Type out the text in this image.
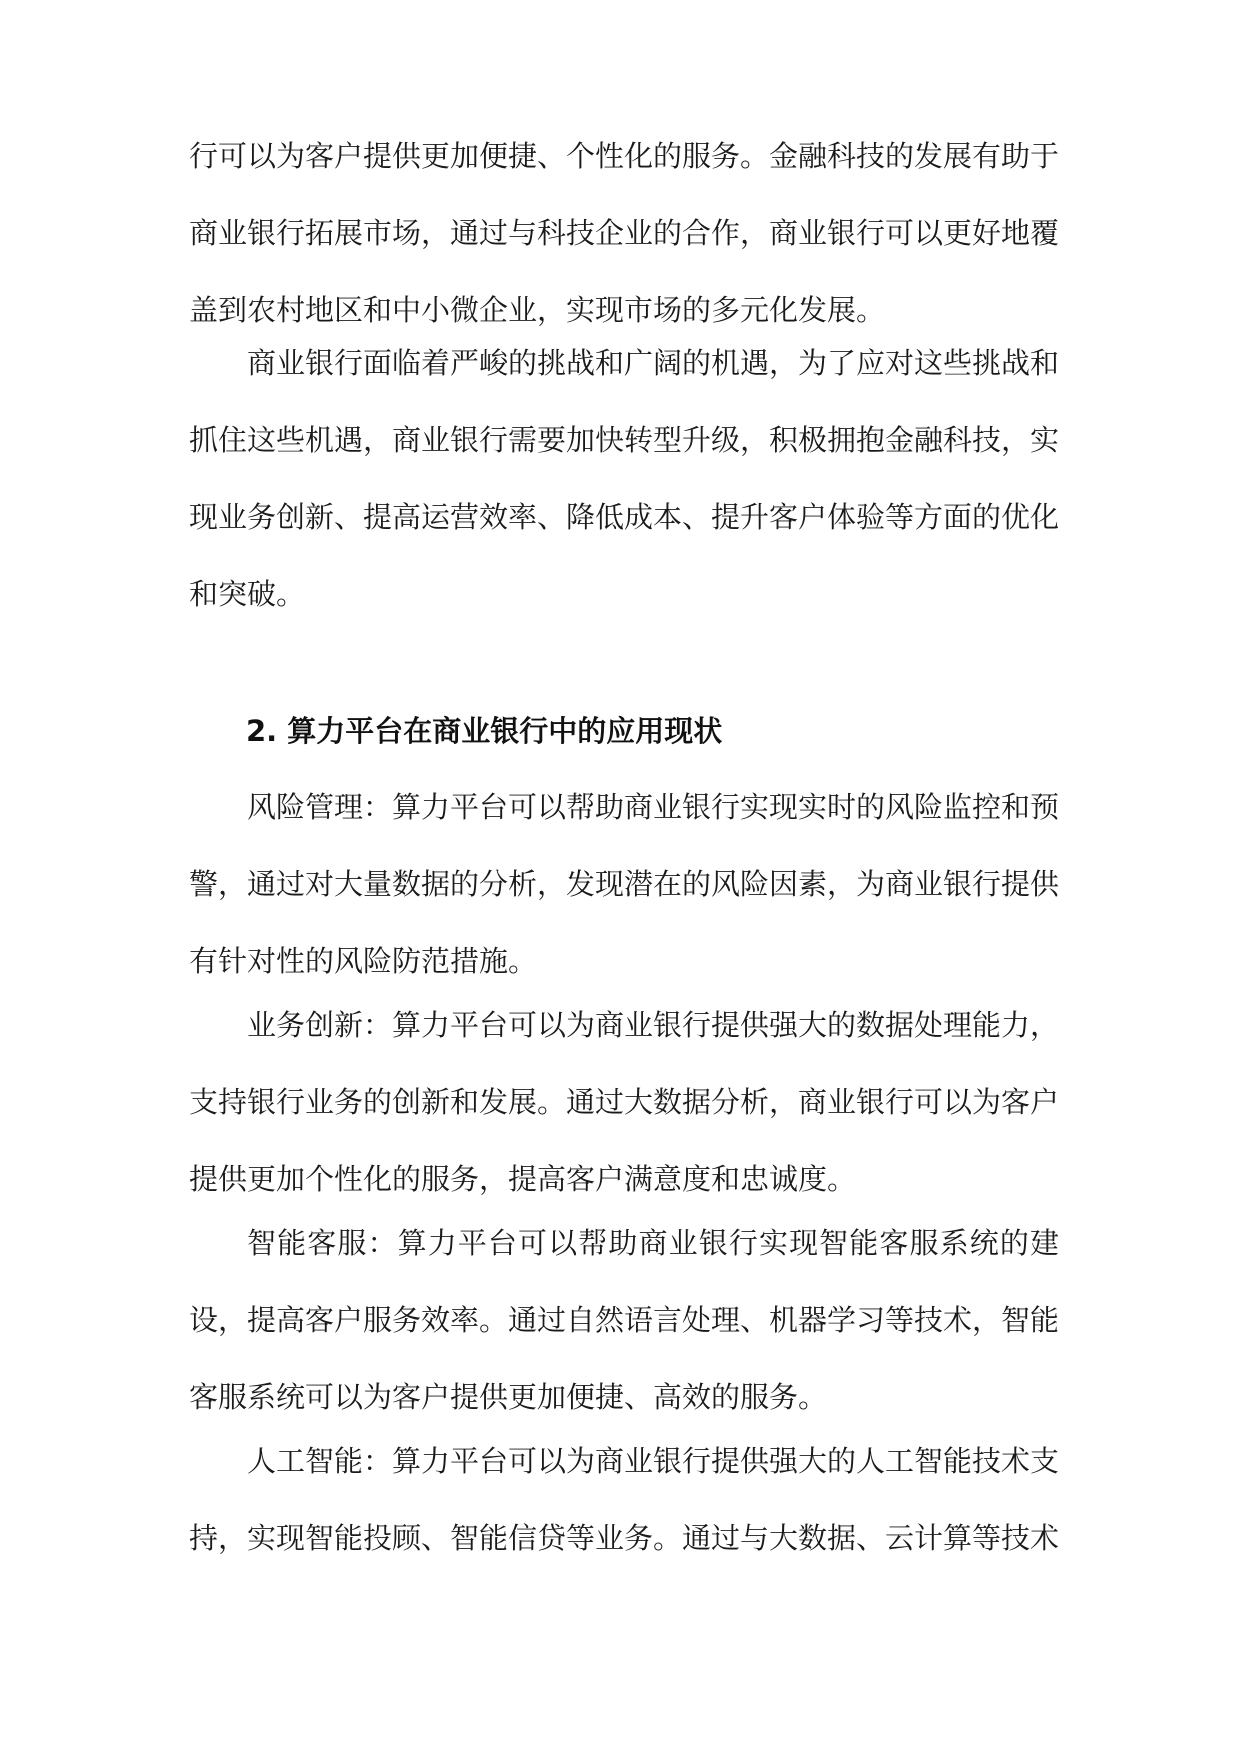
行可以为客户提供更加便捷、个性化的服务。金融科技的发展有助于商业银行拓展市场，通过与科技企业的合作，商业银行可以更好地覆盖到农村地区和中小微企业，实现市场的多元化发展。

商业银行面临着严峻的挑战和广阔的机遇，为了应对这些挑战和抓住这些机遇，商业银行需要加快转型升级，积极拥抱金融科技，实现业务创新、提高运营效率、降低成本、提升客户体验等方面的优化和突破。

2. 算力平台在商业银行中的应用现状

风险管理：算力平台可以帮助商业银行实现实时的风险监控和预警，通过对大量数据的分析，发现潜在的风险因素，为商业银行提供有针对性的风险防范措施。

业务创新：算力平台可以为商业银行提供强大的数据处理能力，支持银行业务的创新和发展。通过大数据分析，商业银行可以为客户提供更加个性化的服务，提高客户满意度和忠诚度。

智能客服：算力平台可以帮助商业银行实现智能客服系统的建设，提高客户服务效率。通过自然语言处理、机器学习等技术，智能客服系统可以为客户提供更加便捷、高效的服务。

人工智能：算力平台可以为商业银行提供强大的人工智能技术支持，实现智能投顾、智能信贷等业务。通过与大数据、云计算等技术
